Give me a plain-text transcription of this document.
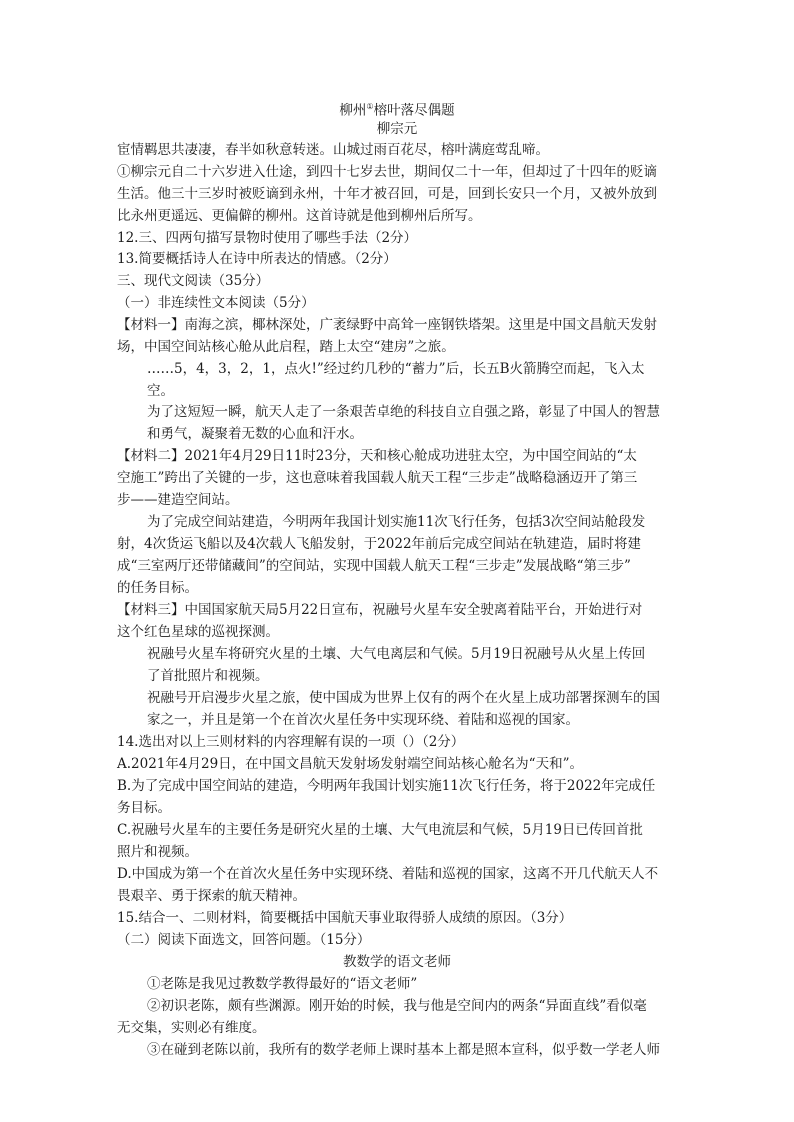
柳州①榕叶落尽偶题
柳宗元
宦情羁思共凄凄，春半如秋意转迷。山城过雨百花尽，榕叶满庭莺乱啼。
①柳宗元自二十六岁进入仕途，到四十七岁去世，期间仅二十一年，但却过了十四年的贬谪
生活。他三十三岁时被贬谪到永州，十年才被召回，可是，回到长安只一个月，又被外放到
比永州更遥远、更偏僻的柳州。这首诗就是他到柳州后所写。
12.三、四两句描写景物时使用了哪些手法（2分）
13.简要概括诗人在诗中所表达的情感。（2分）
三、现代文阅读（35分）
（一）非连续性文本阅读（5分）
【材料一】南海之滨，椰林深处，广袤绿野中高耸一座钢铁塔架。这里是中国文昌航天发射
场，中国空间站核心舱从此启程，踏上太空“建房”之旅。
……5，4，3，2，1，点火!”经过约几秒的“蓄力”后，长五B火箭腾空而起，飞入太
空。
为了这短短一瞬，航天人走了一条艰苦卓绝的科技自立自强之路，彰显了中国人的智慧
和勇气，凝聚着无数的心血和汗水。
【材料二】2021年4月29日11时23分，天和核心舱成功进驻太空，为中国空间站的“太
空施工”跨出了关键的一步，这也意味着我国载人航天工程“三步走”战略稳涵迈开了第三
步——建造空间站。
为了完成空间站建造，今明两年我国计划实施11次飞行任务，包括3次空间站舱段发
射，4次货运飞船以及4次载人飞船发射，于2022年前后完成空间站在轨建造，届时将建
成“三室两厅还带储藏间”的空间站，实现中国载人航天工程“三步走”发展战略“第三步”
的任务目标。
【材料三】中国国家航天局5月22日宣布，祝融号火星车安全驶离着陆平台，开始进行对
这个红色星球的巡视探测。
祝融号火星车将研究火星的土壤、大气电离层和气候。5月19日祝融号从火星上传回
了首批照片和视频。
祝融号开启漫步火星之旅，使中国成为世界上仅有的两个在火星上成功部署探测车的国
家之一，并且是第一个在首次火星任务中实现环绕、着陆和巡视的国家。
14.选出对以上三则材料的内容理解有误的一项（）（2分）
A.2021年4月29日，在中国文昌航天发射场发射端空间站核心舱名为“天和”。
B.为了完成中国空间站的建造，今明两年我国计划实施11次飞行任务，将于2022年完成任
务目标。
C.祝融号火星车的主要任务是研究火星的土壤、大气电流层和气候，5月19日已传回首批
照片和视频。
D.中国成为第一个在首次火星任务中实现环绕、着陆和巡视的国家，这离不开几代航天人不
畏艰辛、勇于探索的航天精神。
15.结合一、二则材料，简要概括中国航天事业取得骄人成绩的原因。（3分）
（二）阅读下面选文，回答问题。（15分）
教数学的语文老师
①老陈是我见过教数学教得最好的“语文老师”
②初识老陈，颇有些渊源。刚开始的时候，我与他是空间内的两条“异面直线”看似毫
无交集，实则必有维度。
③在碰到老陈以前，我所有的数学老师上课时基本上都是照本宣科，似乎数一学老人师
